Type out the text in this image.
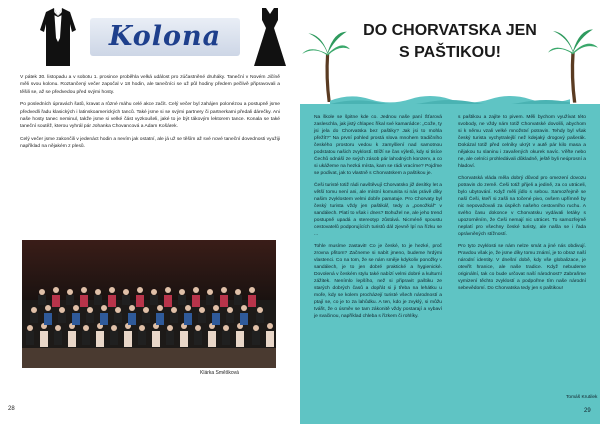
Kolona

V pátek 30. listopadu a v sobotu 1. prosince proběhla velká událost pro zúčastněné druháky. Taneční v Novém Jičíně měli svou kolonu. Roztančený večer započal v 18 hodin, ale tanečníci se už půl hodiny předem pečlivě připravovali a těšili se, až se předvedou před svými hosty.

Po posledních úpravách šatů, kravat a různé máhu celé akce začít. Celý večer byl zahájen polonézou a postupně jsme předvedli řadu klasických i latinskoamerických tanců. Také jsme si se svými partnery či partnerkami předali dárečky. Ani naše hosty tanec neminul, takže jsme si velké část vyzkoušeli, jaké to je být tákovým lektorem tance. Konala se také taneční soutěž, kterou vyhrál pár Johanka Chovancová a Adam Košárek.

Celý večer jsme zakončili v jedenáct hodin a nevím jak ostatní, ale já už se těším až své nové taneční dovednosti využiji například na nějakém z plesů.

Klárka Směšková
28
DO CHORVATSKA JEN
S PAŠTIKOU!

Na škole se špitne kde co. Jednou naše paní Šťarová zasleschla, jak jistý chlapec říkal své kamarádce: „Cože, ty jsi jela do Chorvatska bez paštiky? Jak jsi to mohla přežít?“ Na první pohled prostá slova mnohem tradičního českého prostoru vedou k zamyšlení nad samotnou podstatou našich zvyklostí. Blíží se čas výletů, kdy si tisíce Čechů odnáší ze svých zásob pár lahodných konzerv, a co si ukážeme na hezká místa, kam se rádi vracíme? Pojďme se podívat, jak to vlastně s Chorvatskem a paštikou je.

Češi turisté totiž rádi navštěvují Chorvatsko již desítky let a větší tomu není ani, ale místní komunita si nás právě díky našim zvyklostem velmi dobře pamatuje. Pro Chorvaty byl český turista vždy jen paštikář, tedy a „ponožkář“ v sandálech. Platí to však i dnes? Bohužel ne, ale jeho trend postupně upadá a stereotyp zůstává. Nicméně spoustu cestovatelů podporujících turistů dál zjevně lpí na řízku se ...

Tohle musíme zastavit! Co je české, to je hezké, proč zrovna přitom? Začneme si nabít jmeno, budeme hrdými vlastenci. Co na tom, že se nám směje kdykoliv ponožky v sandálech, je to jen dobré praktické a hygienické. Dovolená v českém stylu také nabízí velmi dobré a kulturní zážitek. Nenímlo lepšího, než si připravit paštiku ze starých dobrých časů a dopřát si ji třeba na lehátku u moře, kdy se kolem procházejí turisté všech národností a ptají se, co je to za lahůdku. A ten, kdo je zvyklý, si můžu tvářit, že o úsměv se tam zákonitě vždy postarají a vybaví je svačinou, například chleba s řízkem či rohlíky.

s paštikou a zajíte to pivem. Měli bychom využívat této svobody, ne vždy nám totiž Chorvatské dovolili, abychom si k němu vzali velké množství potravin. Tehdy byl však český turista vychytralejší než kdejaký drogový pašerák. Dokázal totiž před celníky ukrýt v autě pár kilo masa a nějakou tu slaninu i zavařených okurek navíc. Věřte nebo ne, ale celníci prohledávali důkladně, ještě byli neúprosní a hladoví.

Chorvatská vláda měla dobrý důvod pro omezení dovozu potravin do země. Češi totiž přijeli a jedině, za co utráceli, bylo ubytování. Když měli jídlo s sebou. Samozřejmě se naší Češi, kteří si zašli na točené pivo, ovšem upřímně by nic nepovažovali za úspěch našeho cestovního ruchu. A svého času dokonce v Chorvatsku vydávali letáky s upozorněním, že Češi nemají nic utrácet. To samozřejmě neplatí pro všechny české turisty, ale našla se i řada oprávněných stížností.

Pro tyto zvyklosti se nám nelze smát a jiné nás obdivují. Pravdou však je, že jsme díky tomu známí, je to obraz naší národní identity. V dnešní době, kdy vše globalizace, je otevřít hranice, ale naše tradice. Když nebudeme originální, tak co bude určovat naší národnost? Zabraňme vymizení těchto zvyklostí a podpořme tím naše národní sebevědomí. Do Chorvatska tedy jen s paštikou!

Tomáš Krutilek
29
